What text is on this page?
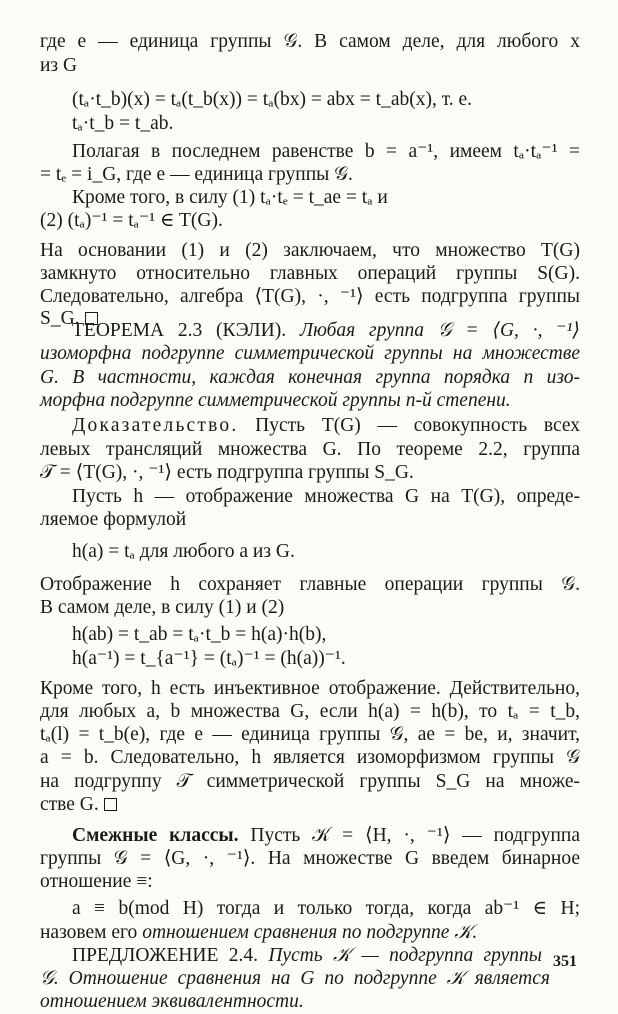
где e — единица группы 𝒢. В самом деле, для любого x
из G
(tₐ·t_b)(x) = tₐ(t_b(x)) = tₐ(bx) = abx = t_ab(x), т. е.
tₐ·t_b = t_ab.
Полагая в последнем равенстве b = a⁻¹, имеем tₐ·tₐ⁻¹ =
= tₑ = i_G, где e — единица группы 𝒢.
Кроме того, в силу (1) tₐ·tₑ = t_ae = tₐ и
(2) (tₐ)⁻¹ = tₐ⁻¹ ∈ T(G).
На основании (1) и (2) заключаем, что множество T(G)
замкнуто относительно главных операций группы S(G).
Следовательно, алгебра ⟨T(G), ·, ⁻¹⟩ есть подгруппа группы
S_G.
ТЕОРЕМА 2.3 (КЭЛИ). Любая группа 𝒢 = ⟨G, ·, ⁻¹⟩
изоморфна подгруппе симметрической группы на множестве
G. В частности, каждая конечная группа порядка n изо-
морфна подгруппе симметрической группы n-й степени.
Доказательство. Пусть T(G) — совокупность всех
левых трансляций множества G. По теореме 2.2, группа
𝒯 = ⟨T(G), ·, ⁻¹⟩ есть подгруппа группы S_G.
Пусть h — отображение множества G на T(G), опреде-
ляемое формулой
h(a) = tₐ для любого a из G.
Отображение h сохраняет главные операции группы 𝒢.
В самом деле, в силу (1) и (2)
h(ab) = t_ab = tₐ·t_b = h(a)·h(b),
h(a⁻¹) = t_{a⁻¹} = (tₐ)⁻¹ = (h(a))⁻¹.
Кроме того, h есть инъективное отображение. Действительно,
для любых a, b множества G, если h(a) = h(b), то tₐ = t_b,
tₐ(l) = t_b(e), где e — единица группы 𝒢, ae = be, и, значит,
a = b. Следовательно, h является изоморфизмом группы 𝒢
на подгруппу 𝒯 симметрической группы S_G на множе-
стве G.
Смежные классы. Пусть 𝒦 = ⟨H, ·, ⁻¹⟩ — подгруппа
группы 𝒢 = ⟨G, ·, ⁻¹⟩. На множестве G введем бинарное
отношение ≡:
a ≡ b(mod H) тогда и только тогда, когда ab⁻¹ ∈ H;
назовем его отношением сравнения по подгруппе 𝒦.
ПРЕДЛОЖЕНИЕ 2.4. Пусть 𝒦 — подгруппа группы
𝒢. Отношение сравнения на G по подгруппе 𝒦 является
отношением эквивалентности.
351
